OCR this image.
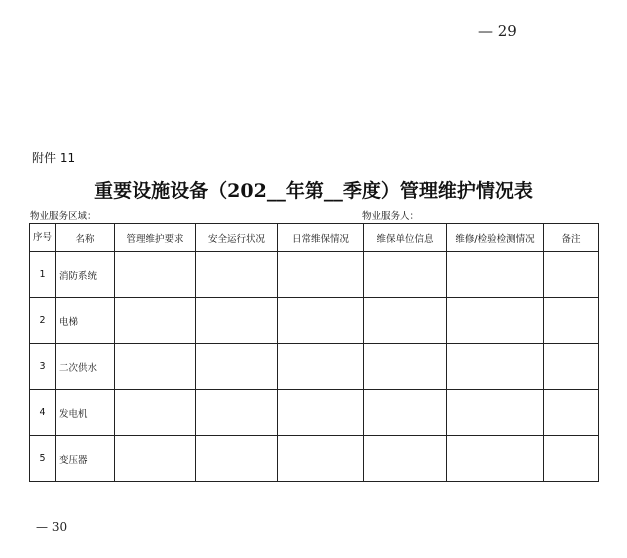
— 29
附件 11
重要设施设备（202__年第__季度）管理维护情况表
物业服务区域：	物业服务人：
序号	名称	管理维护要求	安全运行状况	日常维保情况	维保单位信息	维修/检验检测情况	备注
1	消防系统						
2	电梯						
3	二次供水						
4	发电机						
5	变压器						
— 30
